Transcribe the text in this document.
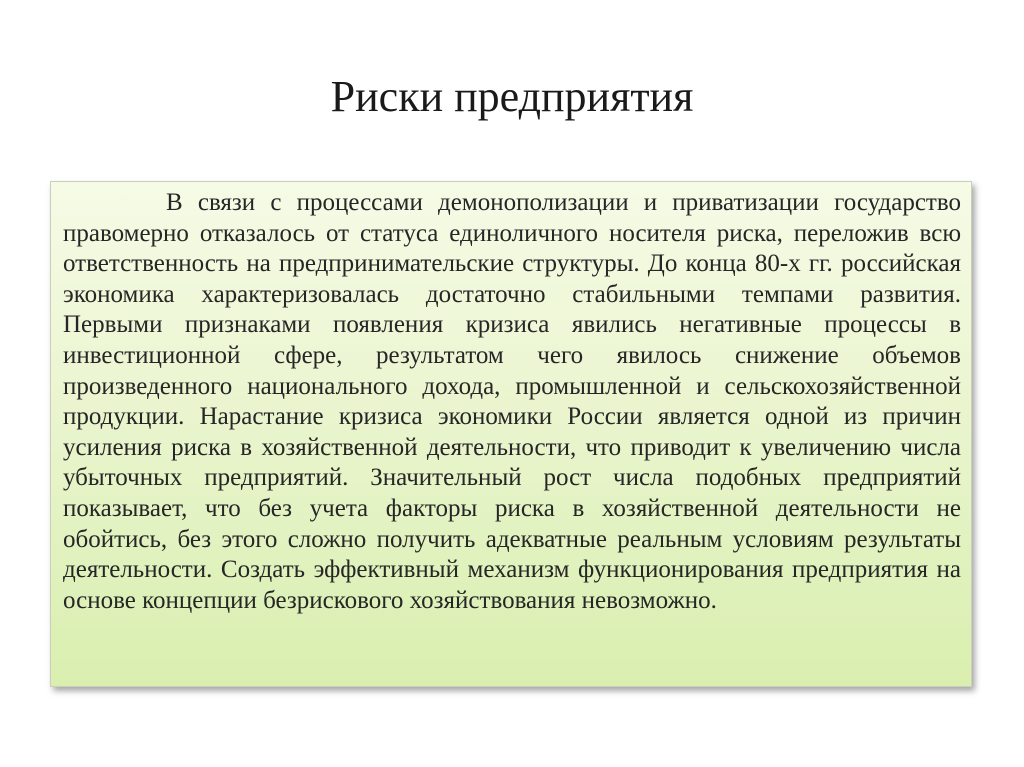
Риски предприятия

В связи с процессами демонополизации и приватизации государство правомерно отказалось от статуса единоличного носителя риска, переложив всю ответственность на предпринимательские структуры. До конца 80-х гг. российская экономика характеризовалась достаточно стабильными темпами развития. Первыми признаками появления кризиса явились негативные процессы в инвестиционной сфере, результатом чего явилось снижение объемов произведенного национального дохода, промышленной и сельскохозяйственной продукции. Нарастание кризиса экономики России является одной из причин усиления риска в хозяйственной деятельности, что приводит к увеличению числа убыточных предприятий. Значительный рост числа подобных предприятий показывает, что без учета факторы риска в хозяйственной деятельности не обойтись, без этого сложно получить адекватные реальным условиям результаты деятельности. Создать эффективный механизм функционирования предприятия на основе концепции безрискового хозяйствования невозможно.
